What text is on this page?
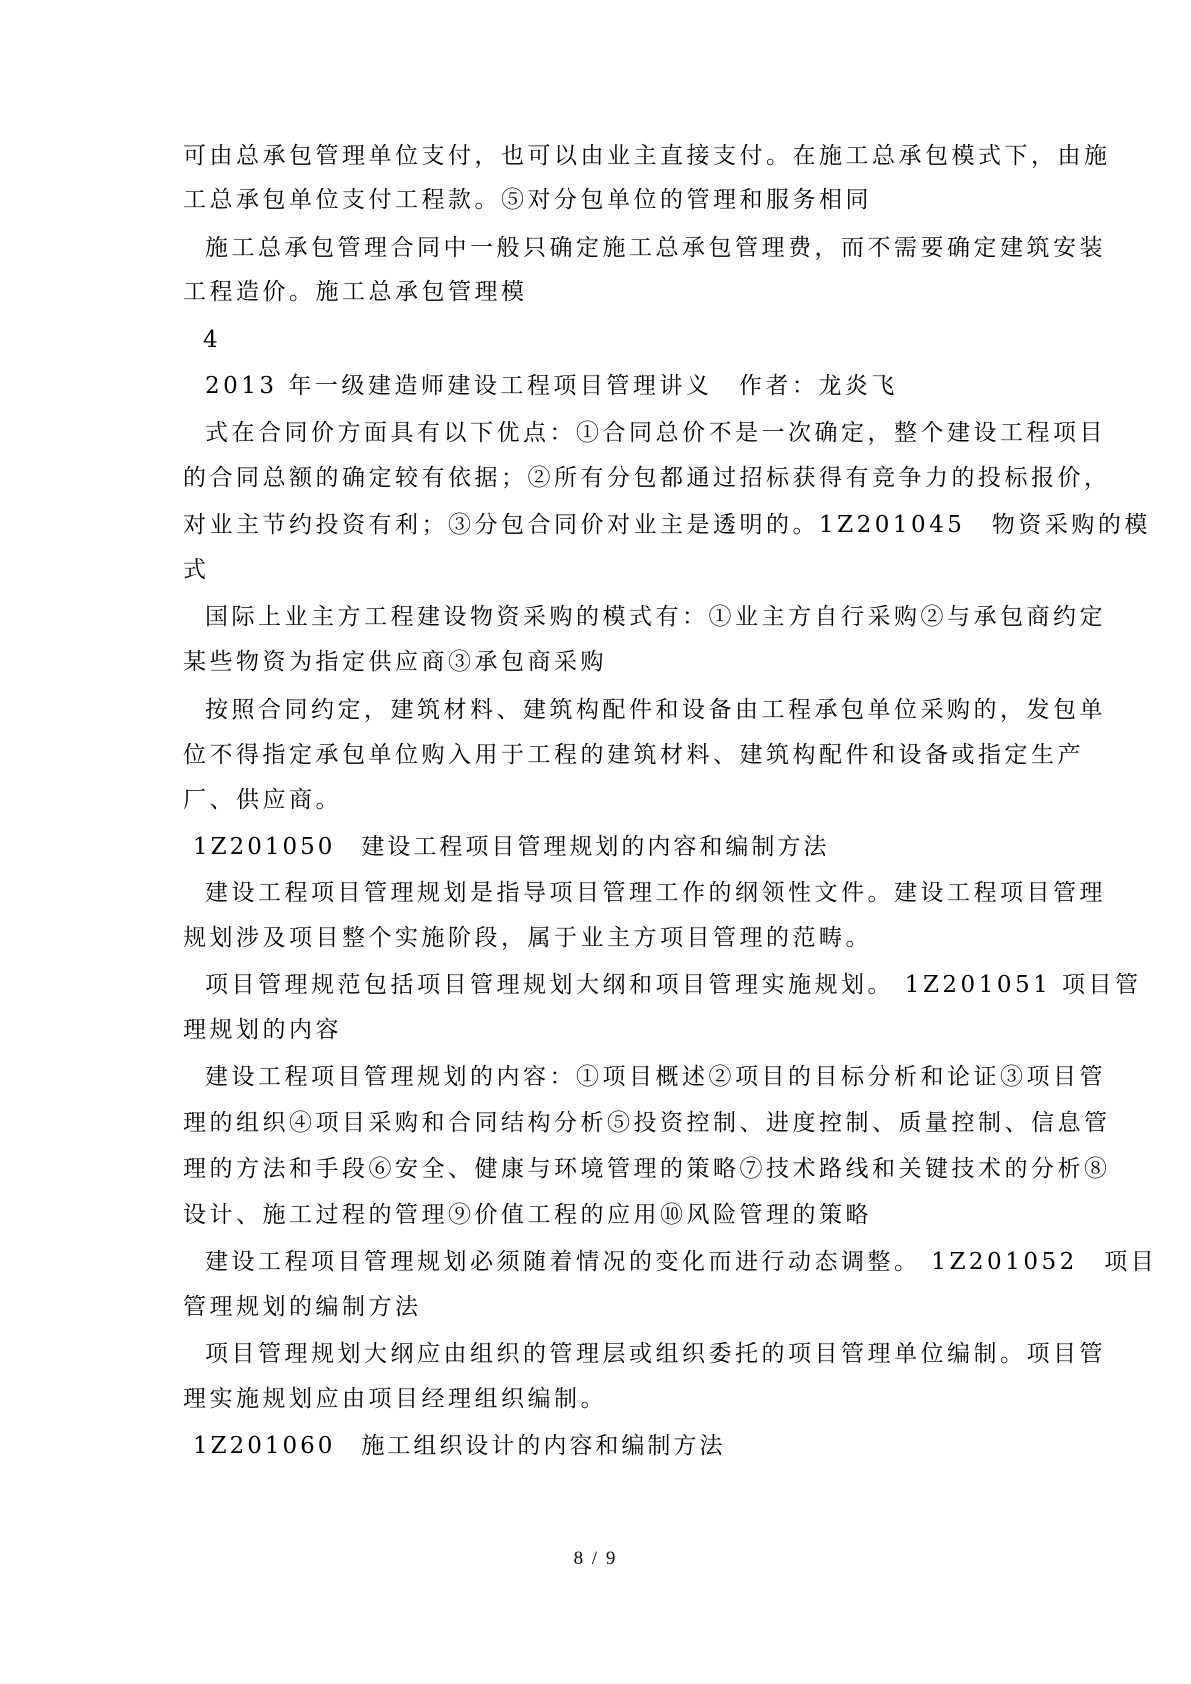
可由总承包管理单位支付，也可以由业主直接支付。在施工总承包模式下，由施
工总承包单位支付工程款。⑤对分包单位的管理和服务相同
施工总承包管理合同中一般只确定施工总承包管理费，而不需要确定建筑安装
工程造价。施工总承包管理模
4
2013 年一级建造师建设工程项目管理讲义　作者：龙炎飞
式在合同价方面具有以下优点：①合同总价不是一次确定，整个建设工程项目
的合同总额的确定较有依据；②所有分包都通过招标获得有竞争力的投标报价，
对业主节约投资有利；③分包合同价对业主是透明的。1Z201045　物资采购的模
式
国际上业主方工程建设物资采购的模式有：①业主方自行采购②与承包商约定
某些物资为指定供应商③承包商采购
按照合同约定，建筑材料、建筑构配件和设备由工程承包单位采购的，发包单
位不得指定承包单位购入用于工程的建筑材料、建筑构配件和设备或指定生产
厂、供应商。
1Z201050　建设工程项目管理规划的内容和编制方法
建设工程项目管理规划是指导项目管理工作的纲领性文件。建设工程项目管理
规划涉及项目整个实施阶段，属于业主方项目管理的范畴。
项目管理规范包括项目管理规划大纲和项目管理实施规划。 1Z201051 项目管
理规划的内容
建设工程项目管理规划的内容：①项目概述②项目的目标分析和论证③项目管
理的组织④项目采购和合同结构分析⑤投资控制、进度控制、质量控制、信息管
理的方法和手段⑥安全、健康与环境管理的策略⑦技术路线和关键技术的分析⑧
设计、施工过程的管理⑨价值工程的应用⑩风险管理的策略
建设工程项目管理规划必须随着情况的变化而进行动态调整。 1Z201052　项目
管理规划的编制方法
项目管理规划大纲应由组织的管理层或组织委托的项目管理单位编制。项目管
理实施规划应由项目经理组织编制。
1Z201060　施工组织设计的内容和编制方法
8 / 9
